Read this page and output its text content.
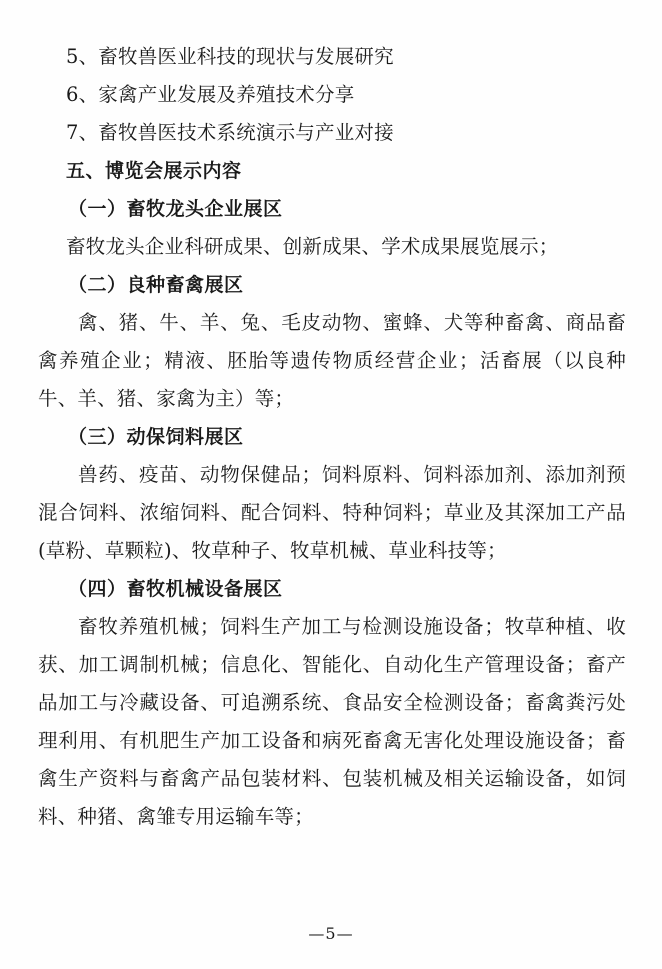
5、畜牧兽医业科技的现状与发展研究

6、家禽产业发展及养殖技术分享

7、畜牧兽医技术系统演示与产业对接

五、博览会展示内容

（一）畜牧龙头企业展区

畜牧龙头企业科研成果、创新成果、学术成果展览展示；

（二）良种畜禽展区

禽、猪、牛、羊、兔、毛皮动物、蜜蜂、犬等种畜禽、商品畜禽养殖企业；精液、胚胎等遗传物质经营企业；活畜展（以良种牛、羊、猪、家禽为主）等；

（三）动保饲料展区

兽药、疫苗、动物保健品；饲料原料、饲料添加剂、添加剂预混合饲料、浓缩饲料、配合饲料、特种饲料；草业及其深加工产品(草粉、草颗粒)、牧草种子、牧草机械、草业科技等；

（四）畜牧机械设备展区

畜牧养殖机械；饲料生产加工与检测设施设备；牧草种植、收获、加工调制机械；信息化、智能化、自动化生产管理设备；畜产品加工与冷藏设备、可追溯系统、食品安全检测设备；畜禽粪污处理利用、有机肥生产加工设备和病死畜禽无害化处理设施设备；畜禽生产资料与畜禽产品包装材料、包装机械及相关运输设备，如饲料、种猪、禽雏专用运输车等；

—5—
